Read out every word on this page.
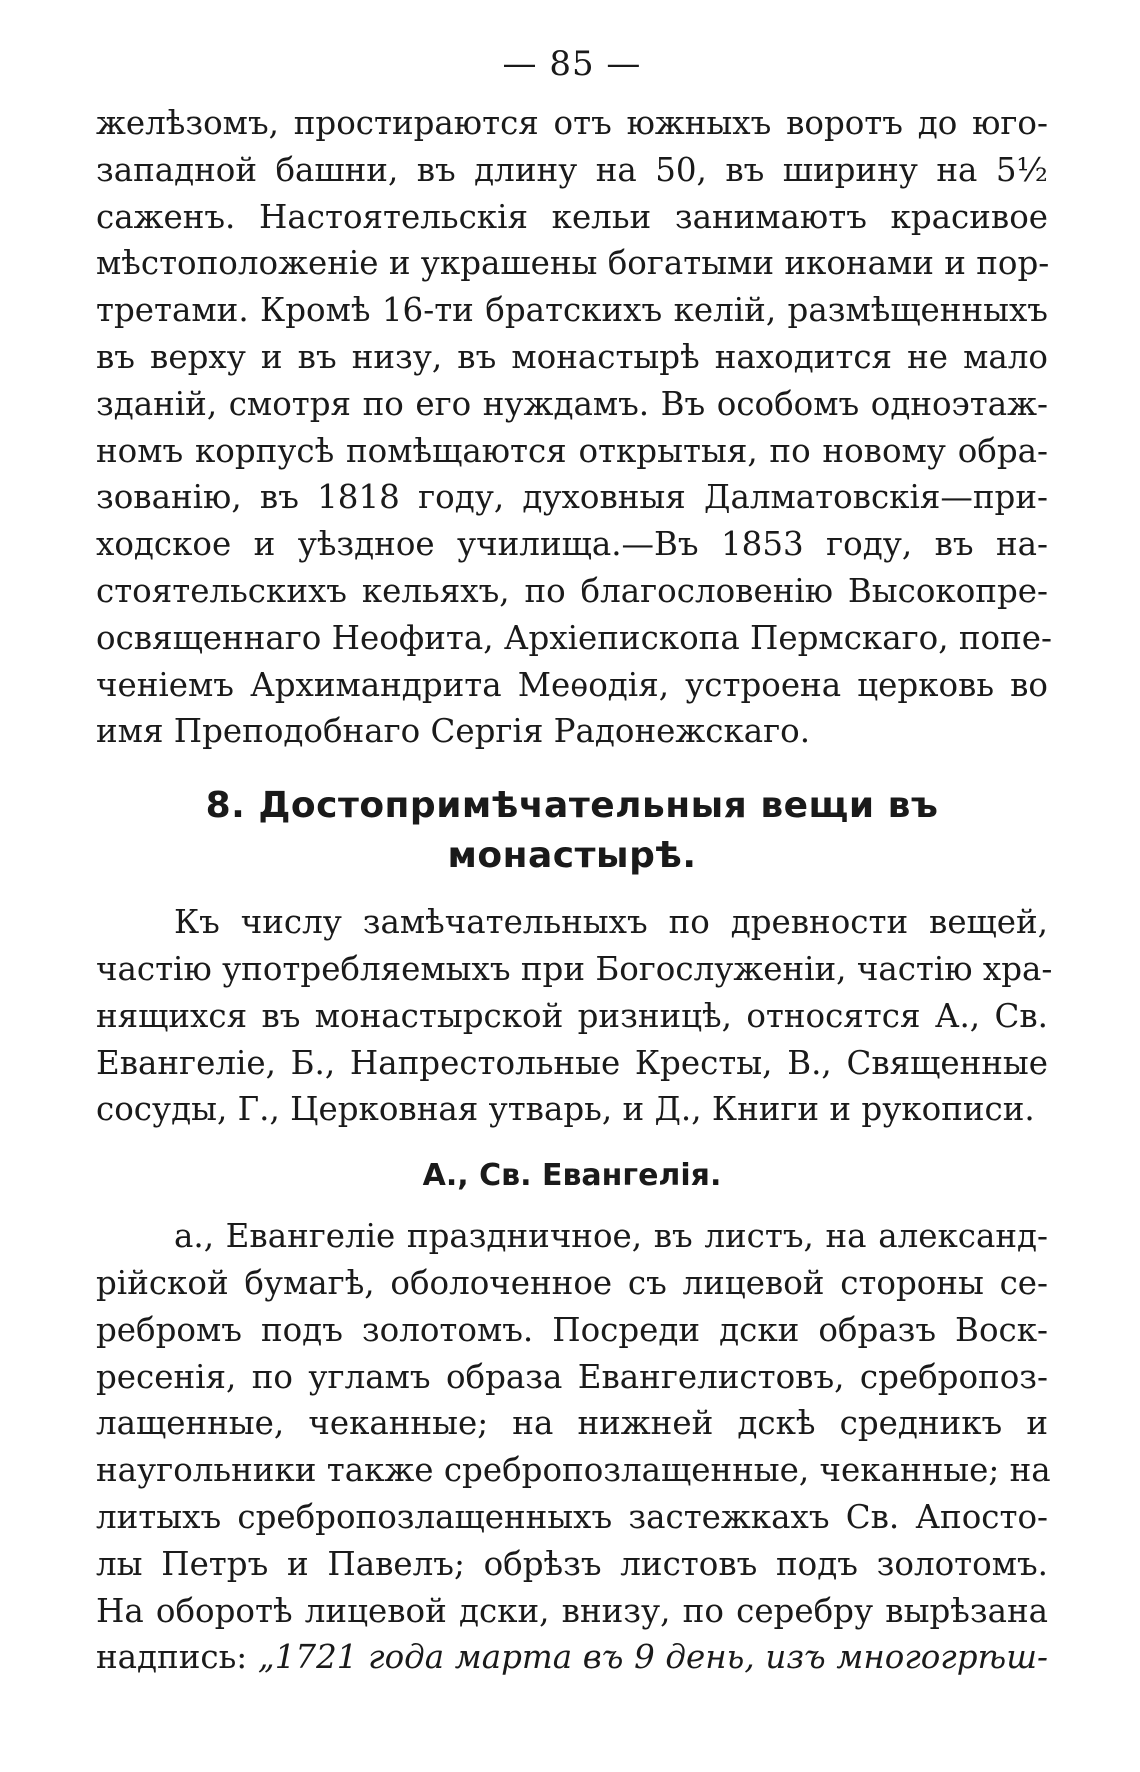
— 85 —

желѣзомъ, простираются отъ южныхъ воротъ до юго-

западной башни, въ длину на 50, въ ширину на 5½

саженъ. Настоятельскія кельи занимаютъ красивое

мѣстоположеніе и украшены богатыми иконами и пор-

третами. Кромѣ 16-ти братскихъ келій, размѣщенныхъ

въ верху и въ низу, въ монастырѣ находится не мало

зданій, смотря по его нуждамъ. Въ особомъ одноэтаж-

номъ корпусѣ помѣщаются открытыя, по новому обра-

зованію, въ 1818 году, духовныя Далматовскія—при-

ходское и уѣздное училища.—Въ 1853 году, въ на-

стоятельскихъ кельяхъ, по благословенію Высокопре-

освященнаго Неофита, Архіепископа Пермскаго, попе-

ченіемъ Архимандрита Меѳодія, устроена церковь во

имя Преподобнаго Сергія Радонежскаго.

8. Достопримѣчательныя вещи въ монастырѣ.

Къ числу замѣчательныхъ по древности вещей,

частію употребляемыхъ при Богослуженіи, частію хра-

нящихся въ монастырской ризницѣ, относятся А., Св.

Евангеліе, Б., Напрестольные Кресты, В., Священные

сосуды, Г., Церковная утварь, и Д., Книги и рукописи.

А., Св. Евангелія.

а., Евангеліе праздничное, въ листъ, на александ-

рійской бумагѣ, оболоченное съ лицевой стороны се-

ребромъ подъ золотомъ. Посреди дски образъ Воск-

ресенія, по угламъ образа Евангелистовъ, сребропоз-

лащенные, чеканные; на нижней дскѣ средникъ и

наугольники также сребропозлащенные, чеканные; на

литыхъ сребропозлащенныхъ застежкахъ Св. Апосто-

лы Петръ и Павелъ; обрѣзъ листовъ подъ золотомъ.

На оборотѣ лицевой дски, внизу, по серебру вырѣзана

надпись: „1721 года марта въ 9 день, изъ многогрѣш-
